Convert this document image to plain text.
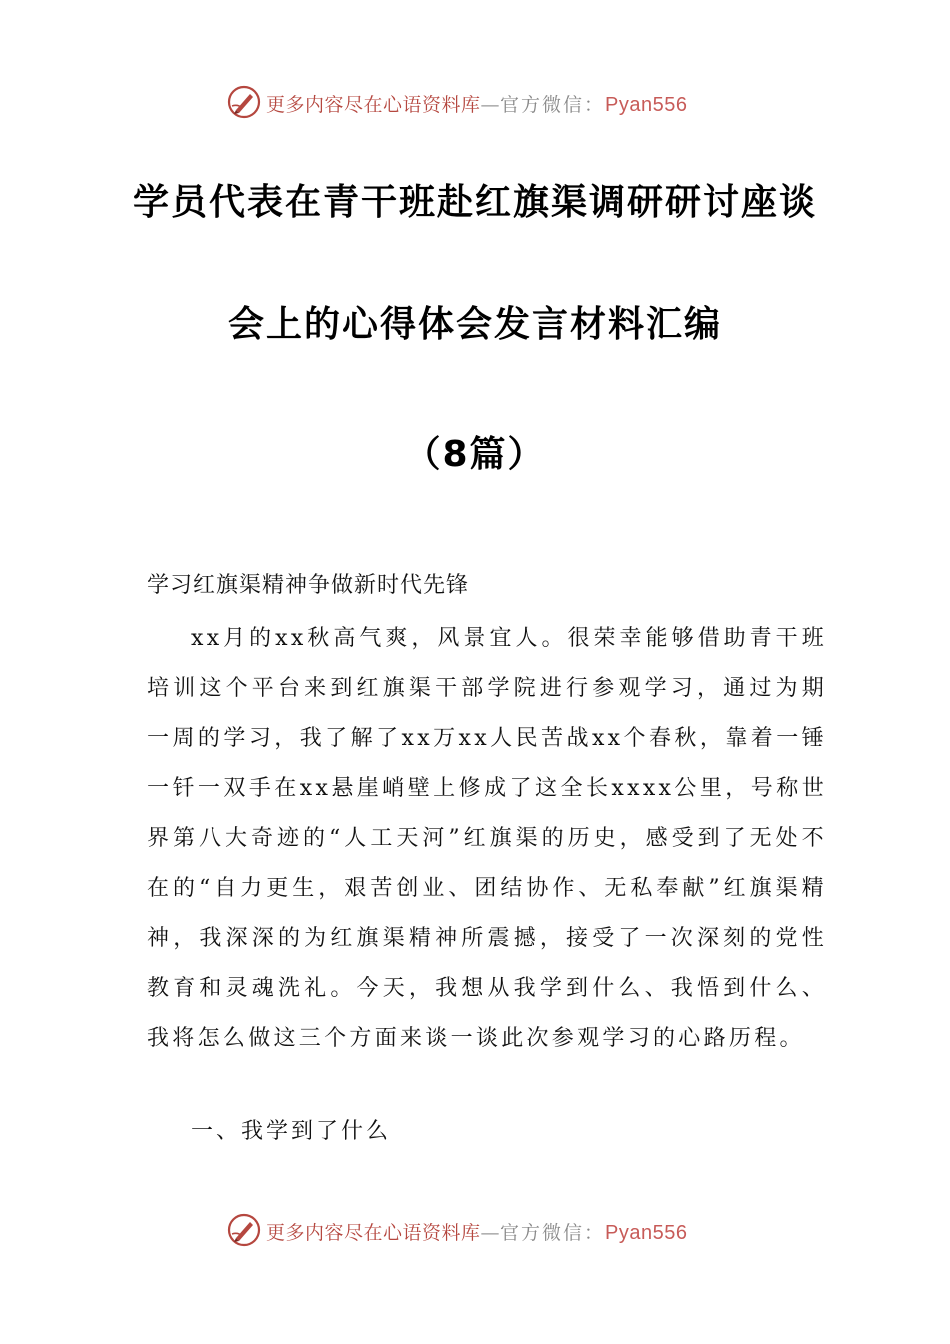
更多内容尽在心语资料库—官方微信：Pyan556
学员代表在青干班赴红旗渠调研研讨座谈
会上的心得体会发言材料汇编
（8篇）
学习红旗渠精神争做新时代先锋

xx月的xx秋高气爽，风景宜人。很荣幸能够借助青干班培训这个平台来到红旗渠干部学院进行参观学习，通过为期一周的学习，我了解了xx万xx人民苦战xx个春秋，靠着一锤一钎一双手在xx悬崖峭壁上修成了这全长xxxx公里，号称世界第八大奇迹的“人工天河”红旗渠的历史，感受到了无处不在的“自力更生，艰苦创业、团结协作、无私奉献”红旗渠精神，我深深的为红旗渠精神所震撼，接受了一次深刻的党性教育和灵魂洗礼。今天，我想从我学到什么、我悟到什么、我将怎么做这三个方面来谈一谈此次参观学习的心路历程。

一、我学到了什么
更多内容尽在心语资料库—官方微信：Pyan556
